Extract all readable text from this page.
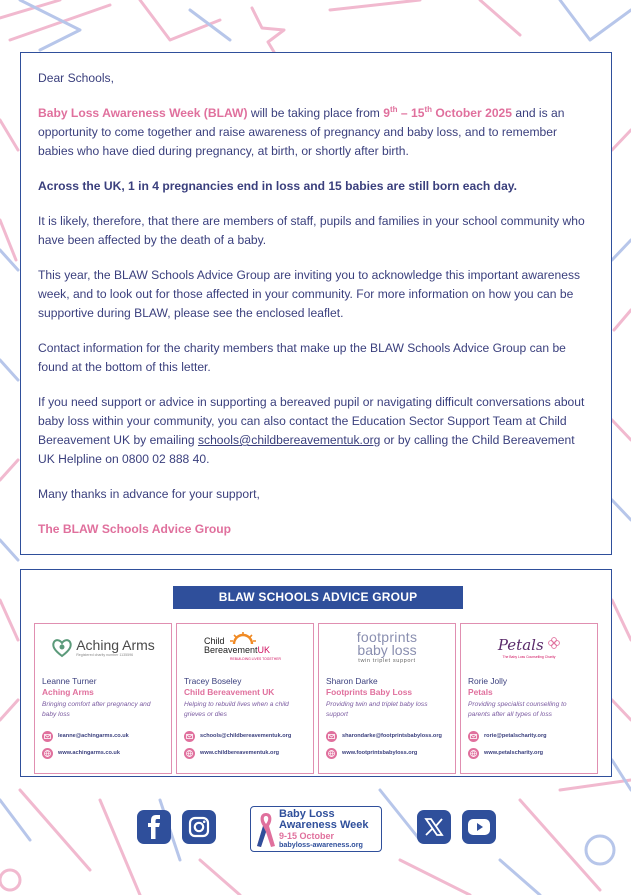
Dear Schools,

Baby Loss Awareness Week (BLAW) will be taking place from 9th – 15th October 2025 and is an opportunity to come together and raise awareness of pregnancy and baby loss, and to remember babies who have died during pregnancy, at birth, or shortly after birth.

Across the UK, 1 in 4 pregnancies end in loss and 15 babies are still born each day.

It is likely, therefore, that there are members of staff, pupils and families in your school community who have been affected by the death of a baby.

This year, the BLAW Schools Advice Group are inviting you to acknowledge this important awareness week, and to look out for those affected in your community. For more information on how you can be supportive during BLAW, please see the enclosed leaflet.

Contact information for the charity members that make up the BLAW Schools Advice Group can be found at the bottom of this letter.

If you need support or advice in supporting a bereaved pupil or navigating difficult conversations about baby loss within your community, you can also contact the Education Sector Support Team at Child Bereavement UK by emailing schools@childbereavementuk.org or by calling the Child Bereavement UK Helpline on 0800 02 888 40.

Many thanks in advance for your support,

The BLAW Schools Advice Group

BLAW SCHOOLS ADVICE GROUP
Aching Arms
Registered charity number 1135596
Leanne Turner
Aching Arms
Bringing comfort after pregnancy and baby loss
leanne@achingarms.co.uk
www.achingarms.co.uk
Child
BereavementUK
REBUILDING LIVES TOGETHER
Tracey Boseley
Child Bereavement UK
Helping to rebuild lives when a child grieves or dies
schools@childbereavementuk.org
www.childbereavementuk.org
footprints
baby loss
twin triplet support
Sharon Darke
Footprints Baby Loss
Providing twin and triplet baby loss support
sharondarke@footprintsbabyloss.org
www.footprintsbabyloss.org
Petals
The Baby Loss Counselling Charity
Rorie Jolly
Petals
Providing specialist counselling to parents after all types of loss
rorie@petalscharity.org
www.petalscharity.org
Baby Loss
Awareness Week
9-15 October
babyloss-awareness.org
